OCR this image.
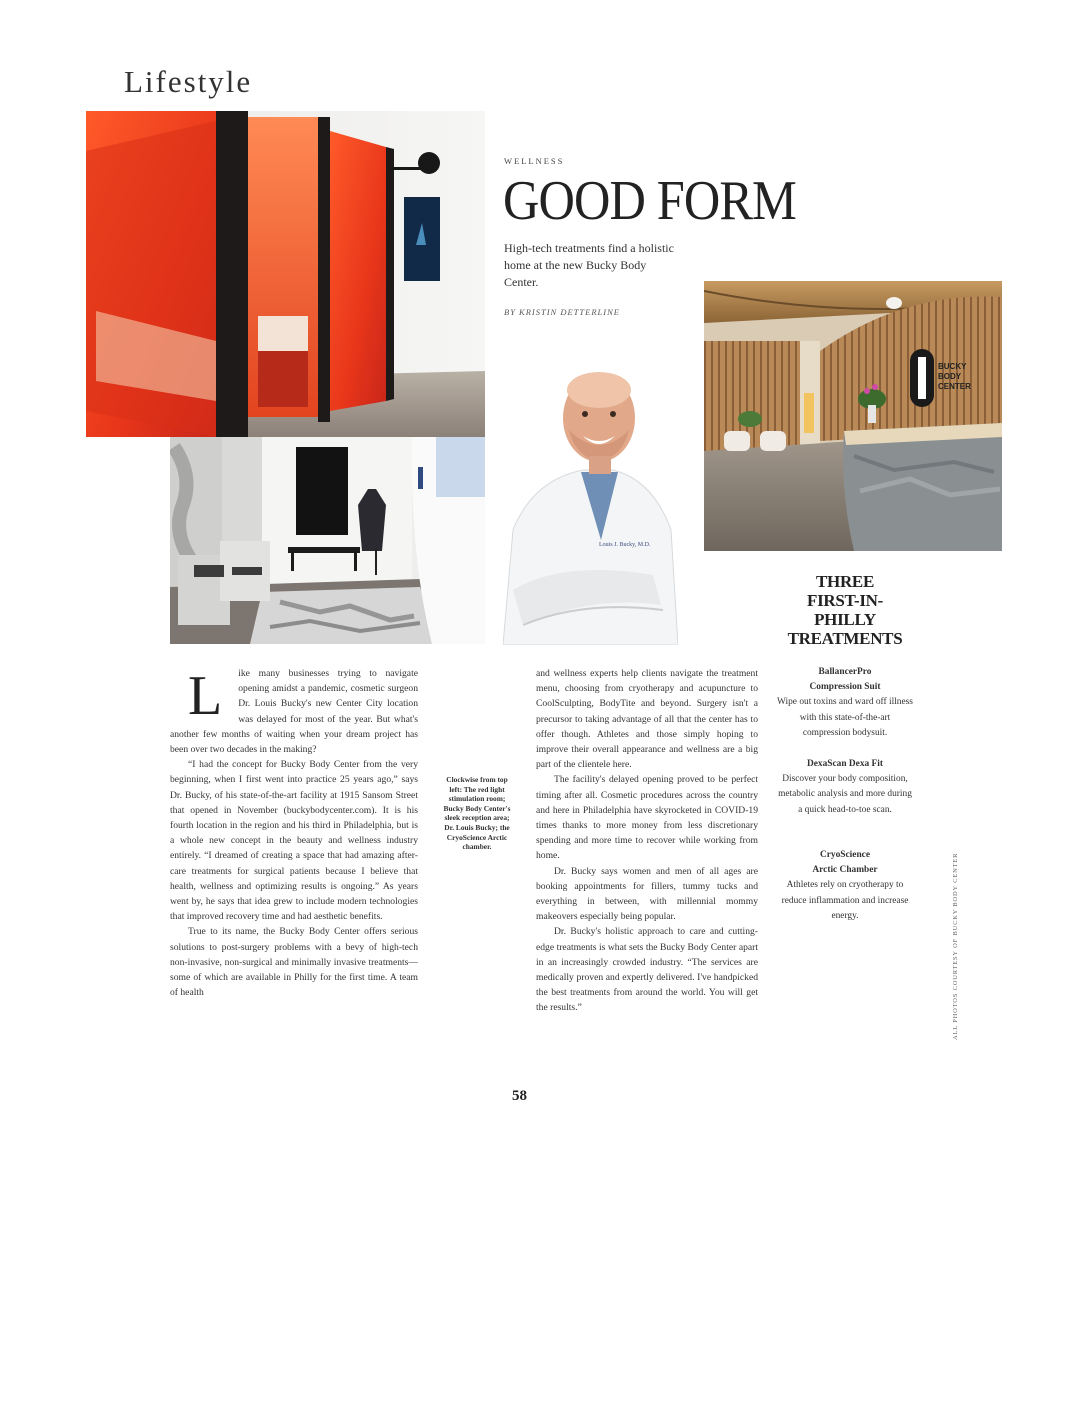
Lifestyle
Louis J. Bucky, M.D.
BUCKY
BODY
CENTER
WELLNESS
GOOD FORM
High-tech treatments find a holistic home at the new Bucky Body Center.
BY KRISTIN DETTERLINE

L	ike many businesses trying to navigate opening amidst a pandemic, cosmetic surgeon Dr. Louis Bucky's new Center City location was delayed for most of the year. But what's another few months of waiting when your dream project has been over two decades in the making?

“I had the concept for Bucky Body Center from the very beginning, when I first went into practice 25 years ago,” says Dr. Bucky, of his state-of-the-art facility at 1915 Sansom Street that opened in November (buckybodycenter.com). It is his fourth location in the region and his third in Philadelphia, but is a whole new concept in the beauty and wellness industry entirely. “I dreamed of creating a space that had amazing after-care treatments for surgical patients because I believe that health, wellness and optimizing results is ongoing.” As years went by, he says that idea grew to include modern technologies that improved recovery time and had aesthetic benefits.

True to its name, the Bucky Body Center offers serious solutions to post-surgery problems with a bevy of high-tech non-invasive, non-surgical and minimally invasive treatments—some of which are available in Philly for the first time. A team of health

Clockwise from top left: The red light stimulation room; Bucky Body Center's sleek reception area; Dr. Louis Bucky; the CryoScience Arctic chamber.

and wellness experts help clients navigate the treatment menu, choosing from cryotherapy and acupuncture to CoolSculpting, BodyTite and beyond. Surgery isn't a precursor to taking advantage of all that the center has to offer though. Athletes and those simply hoping to improve their overall appearance and wellness are a big part of the clientele here.

The facility's delayed opening proved to be perfect timing after all. Cosmetic procedures across the country and here in Philadelphia have skyrocketed in COVID-19 times thanks to more money from less discretionary spending and more time to recover while working from home.

Dr. Bucky says women and men of all ages are booking appointments for fillers, tummy tucks and everything in between, with millennial mommy makeovers especially being popular.

Dr. Bucky's holistic approach to care and cutting-edge treatments is what sets the Bucky Body Center apart in an increasingly crowded industry. “The services are medically proven and expertly delivered. I've handpicked the best treatments from around the world. You will get the results.”

THREE
FIRST-IN-
PHILLY
TREATMENTS
BallancerPro
Compression Suit
Wipe out toxins and ward off illness with this state-of-the-art compression bodysuit.
DexaScan Dexa Fit
Discover your body composition, metabolic analysis and more during a quick head-to-toe scan.
CryoScience
Arctic Chamber
Athletes rely on cryotherapy to reduce inflammation and increase energy.	ALL PHOTOS COURTESY OF BUCKY BODY CENTER
58
